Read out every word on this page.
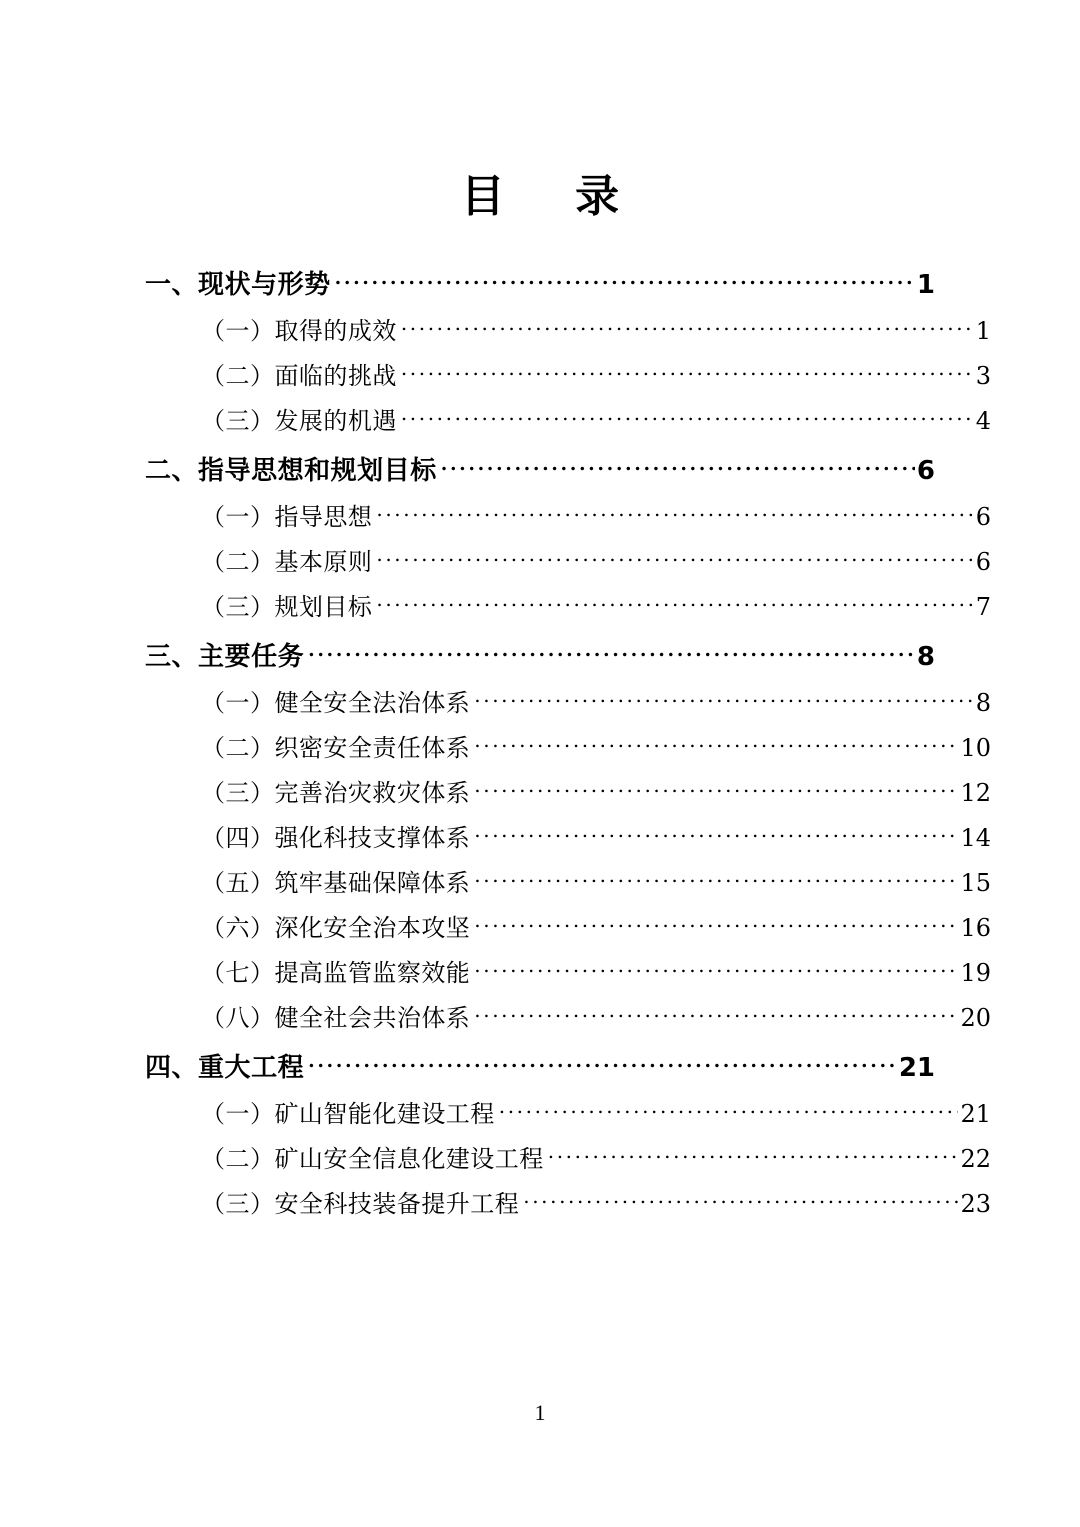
目　录
一、现状与形势 .....	1
（一）取得的成效 .....	1
（二）面临的挑战 .....	3
（三）发展的机遇 .....	4
二、指导思想和规划目标 .....	6
（一）指导思想 .....	6
（二）基本原则 .....	6
（三）规划目标 .....	7
三、主要任务 .....	8
（一）健全安全法治体系 .....	8
（二）织密安全责任体系 .....	10
（三）完善治灾救灾体系 .....	12
（四）强化科技支撑体系 .....	14
（五）筑牢基础保障体系 .....	15
（六）深化安全治本攻坚 .....	16
（七）提高监管监察效能 .....	19
（八）健全社会共治体系 .....	20
四、重大工程 .....	21
（一）矿山智能化建设工程 .....	21
（二）矿山安全信息化建设工程 .....	22
（三）安全科技装备提升工程 .....	23
1
